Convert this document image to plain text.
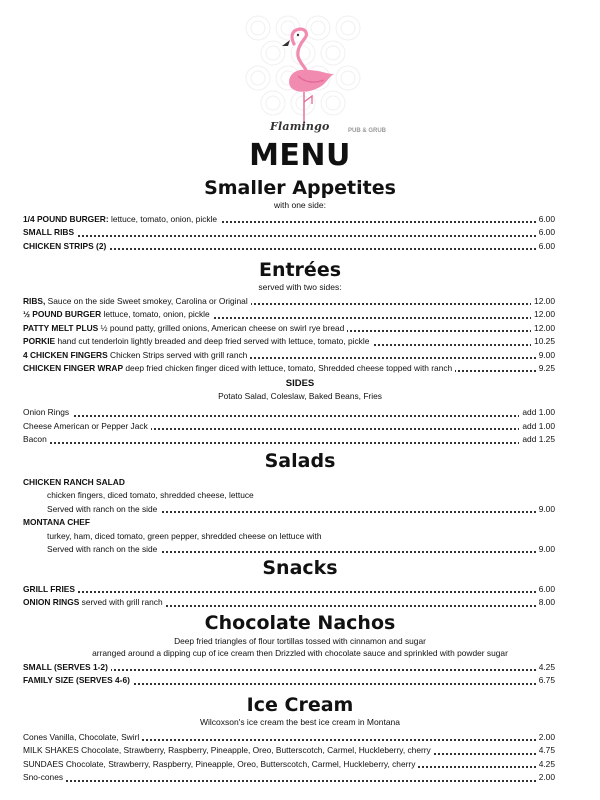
Flamingo	PUB & GRUB
MENU
Smaller Appetites
with one side:
1/4 POUND BURGER: lettuce, tomato, onion, pickle	6.00
SMALL RIBS	6.00
CHICKEN STRIPS (2)	6.00
Entrées
served with two sides:
RIBS, Sauce on the side Sweet smokey, Carolina or Original	12.00
½ POUND BURGER lettuce, tomato, onion, pickle	12.00
PATTY MELT PLUS ½ pound patty, grilled onions, American cheese on swirl rye bread	12.00
PORKIE hand cut tenderloin lightly breaded and deep fried served with lettuce, tomato, pickle	10.25
4 CHICKEN FINGERS Chicken Strips served with grill ranch	9.00
CHICKEN FINGER WRAP deep fried chicken finger diced with lettuce, tomato, Shredded cheese topped with ranch	9.25
SIDES
Potato Salad, Coleslaw, Baked Beans, Fries
Onion Rings	add 1.00
Cheese American or Pepper Jack	add 1.00
Bacon	add 1.25
Salads
CHICKEN RANCH SALAD
chicken fingers, diced tomato, shredded cheese, lettuce
Served with ranch on the side	9.00
MONTANA CHEF
turkey, ham, diced tomato, green pepper, shredded cheese on lettuce with
Served with ranch on the side	9.00
Snacks
GRILL FRIES	6.00
ONION RINGS served with grill ranch	8.00
Chocolate Nachos
Deep fried triangles of flour tortillas tossed with cinnamon and sugar
arranged around a dipping cup of ice cream then Drizzled with chocolate sauce and sprinkled with powder sugar
SMALL (SERVES 1-2)	4.25
FAMILY SIZE (SERVES 4-6)	6.75
Ice Cream
Wilcoxson's ice cream the best ice cream in Montana
Cones Vanilla, Chocolate, Swirl	2.00
MILK SHAKES Chocolate, Strawberry, Raspberry, Pineapple, Oreo, Butterscotch, Carmel, Huckleberry, cherry	4.75
SUNDAES Chocolate, Strawberry, Raspberry, Pineapple, Oreo, Butterscotch, Carmel, Huckleberry, cherry	4.25
Sno-cones	2.00
